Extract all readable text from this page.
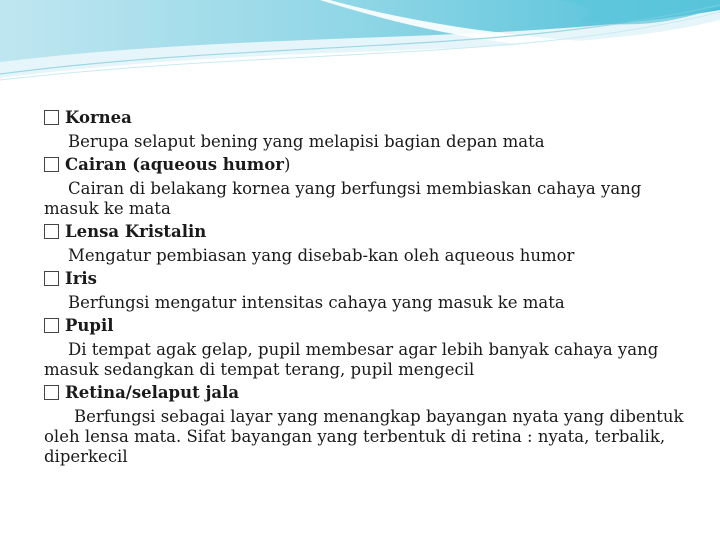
Kornea
Berupa selaput bening yang melapisi bagian depan mata
Cairan (aqueous humor)
Cairan di belakang kornea yang berfungsi membiaskan cahaya yang masuk ke mata
Lensa Kristalin
Mengatur pembiasan yang disebab-kan oleh aqueous humor
Iris
Berfungsi mengatur intensitas cahaya yang masuk ke mata
Pupil
Di tempat agak gelap, pupil membesar agar lebih banyak cahaya yang masuk sedangkan di tempat terang, pupil mengecil
Retina/selaput jala
Berfungsi sebagai layar yang menangkap bayangan nyata yang dibentuk oleh lensa mata. Sifat bayangan yang terbentuk di retina : nyata, terbalik, diperkecil
